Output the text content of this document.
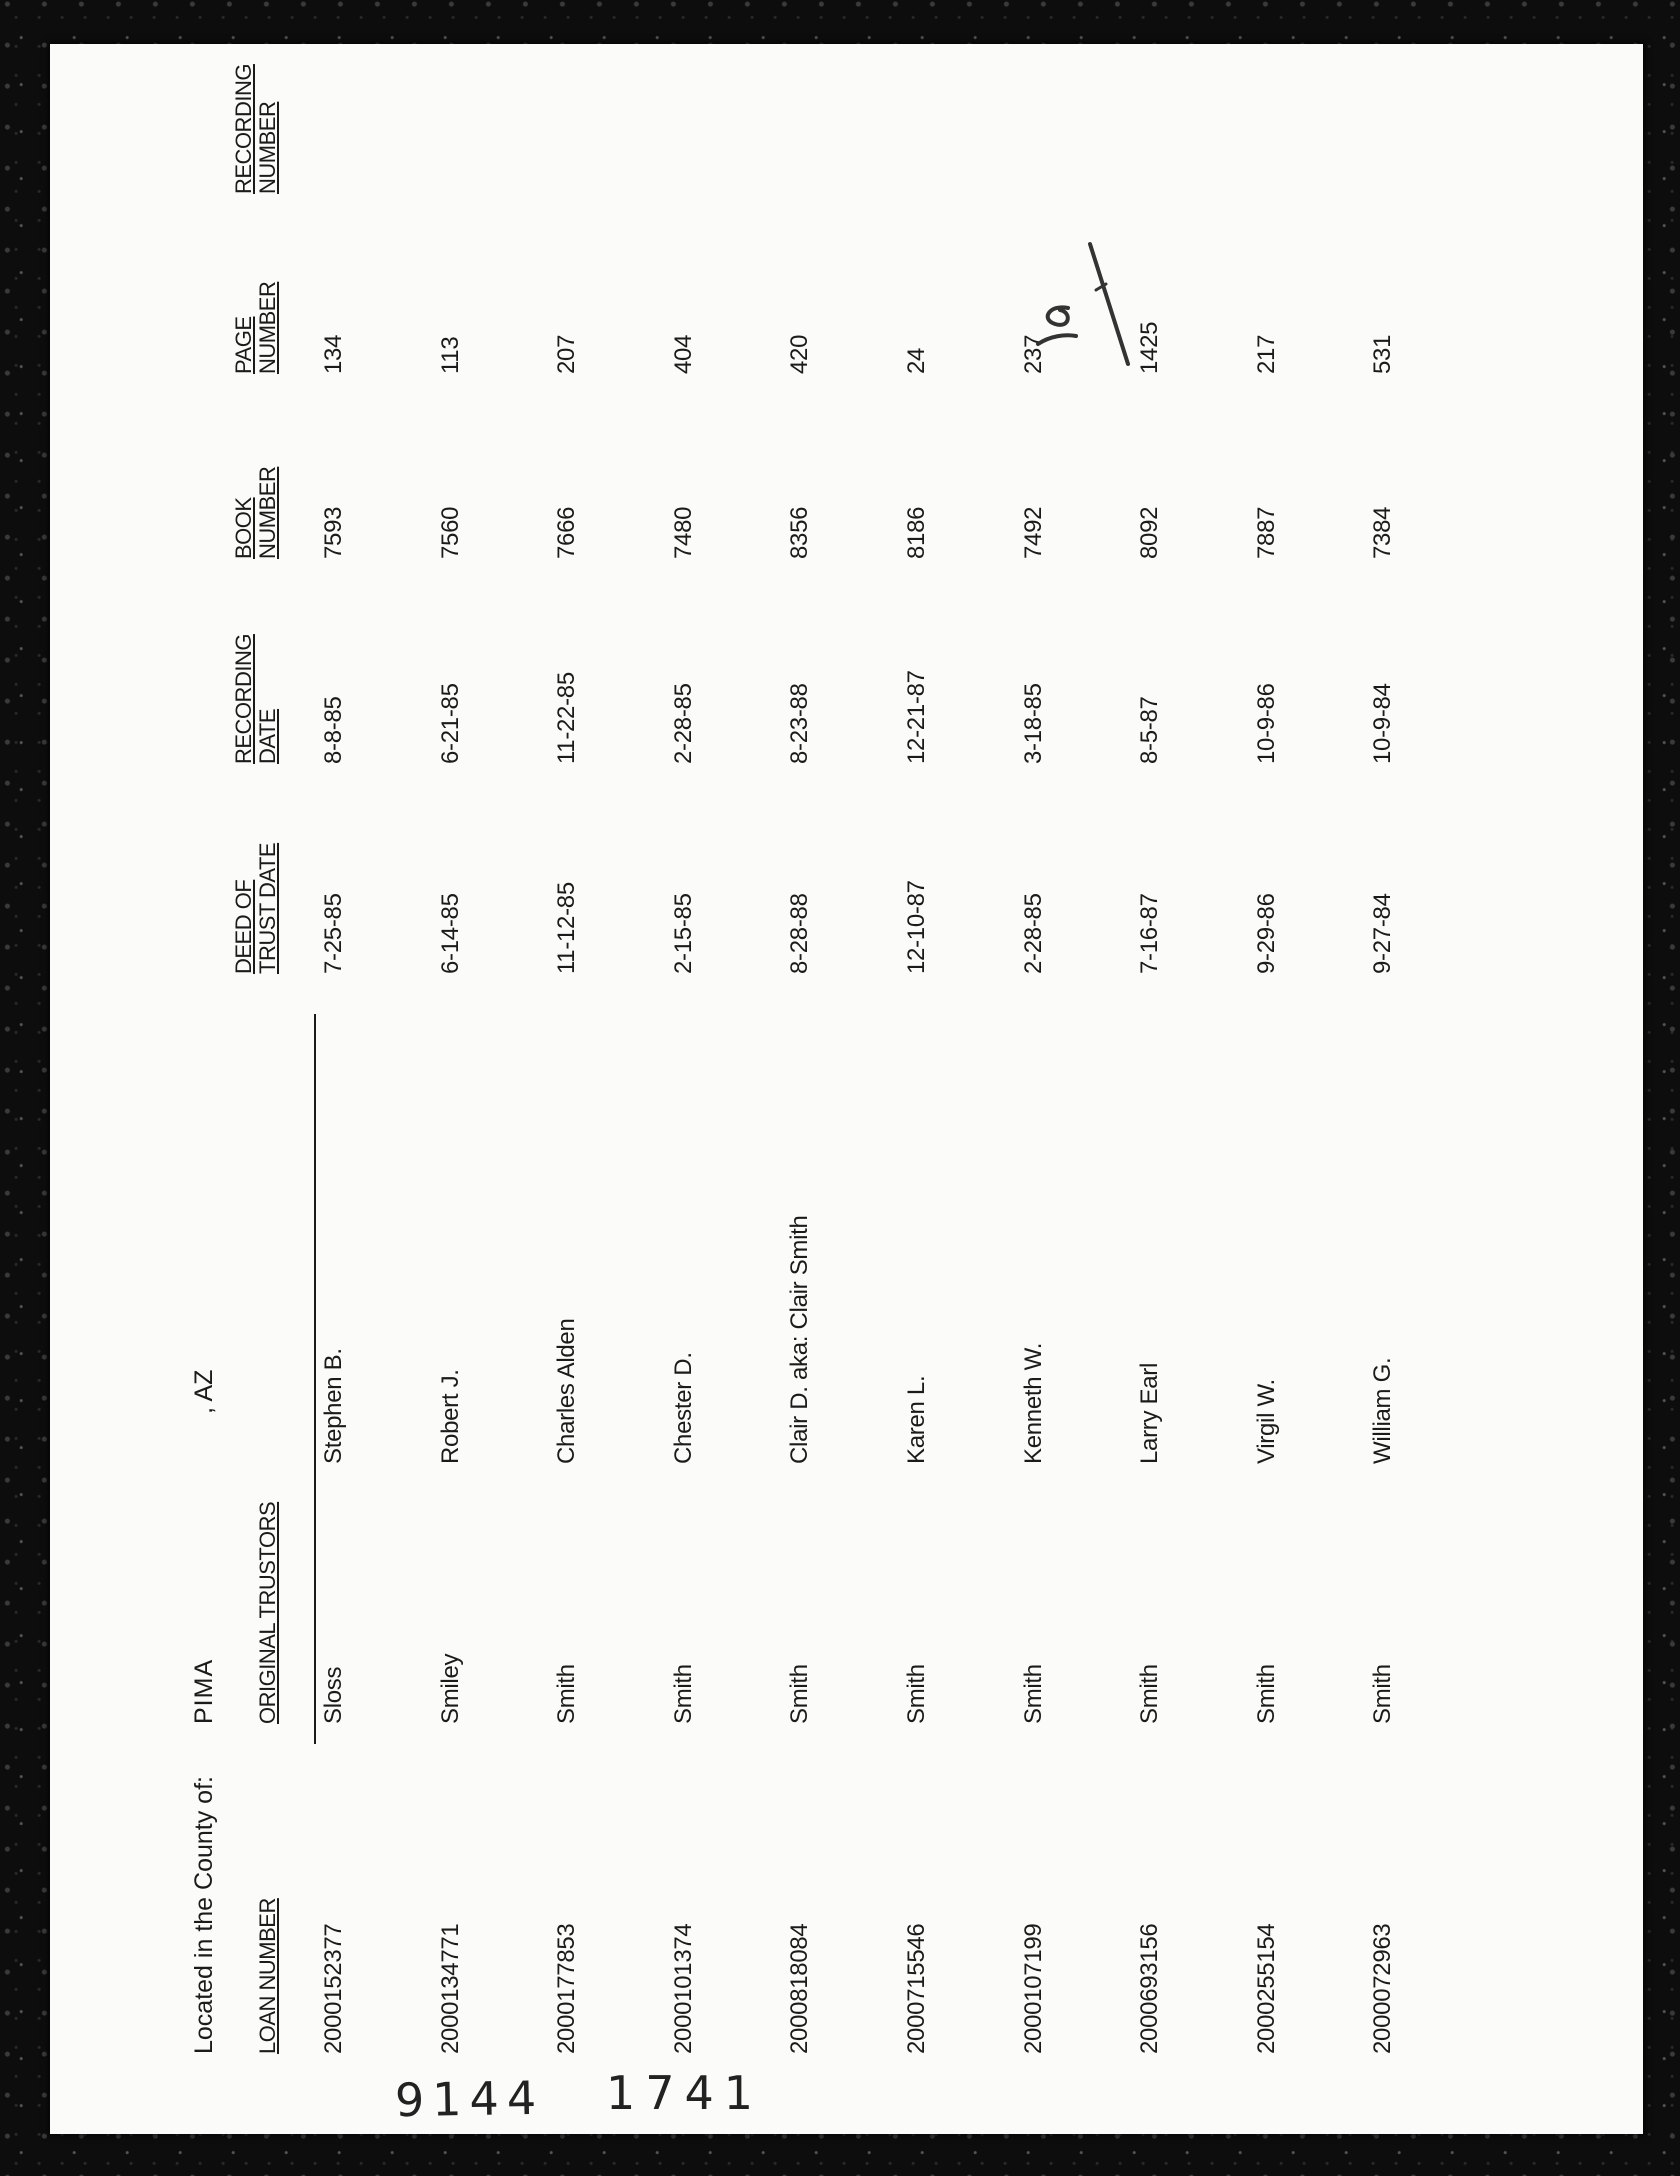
Located in the County of:
PIMA
, AZ
LOAN NUMBER
ORIGINAL TRUSTORS
DEED OF
TRUST DATE
RECORDING
DATE
BOOK
NUMBER
PAGE
NUMBER
RECORDING
NUMBER
2000152377
Sloss
Stephen B.
7-25-85
8-8-85
7593
134
2000134771
Smiley
Robert J.
6-14-85
6-21-85
7560
113
2000177853
Smith
Charles Alden
11-12-85
11-22-85
7666
207
2000101374
Smith
Chester D.
2-15-85
2-28-85
7480
404
2000818084
Smith
Clair D. aka: Clair Smith
8-28-88
8-23-88
8356
420
2000715546
Smith
Karen L.
12-10-87
12-21-87
8186
24
2000107199
Smith
Kenneth W.
2-28-85
3-18-85
7492
237
2000693156
Smith
Larry Earl
7-16-87
8-5-87
8092
1425
2000255154
Smith
Virgil W.
9-29-86
10-9-86
7887
217
2000072963
Smith
William G.
9-27-84
10-9-84
7384
531
9144 1741
